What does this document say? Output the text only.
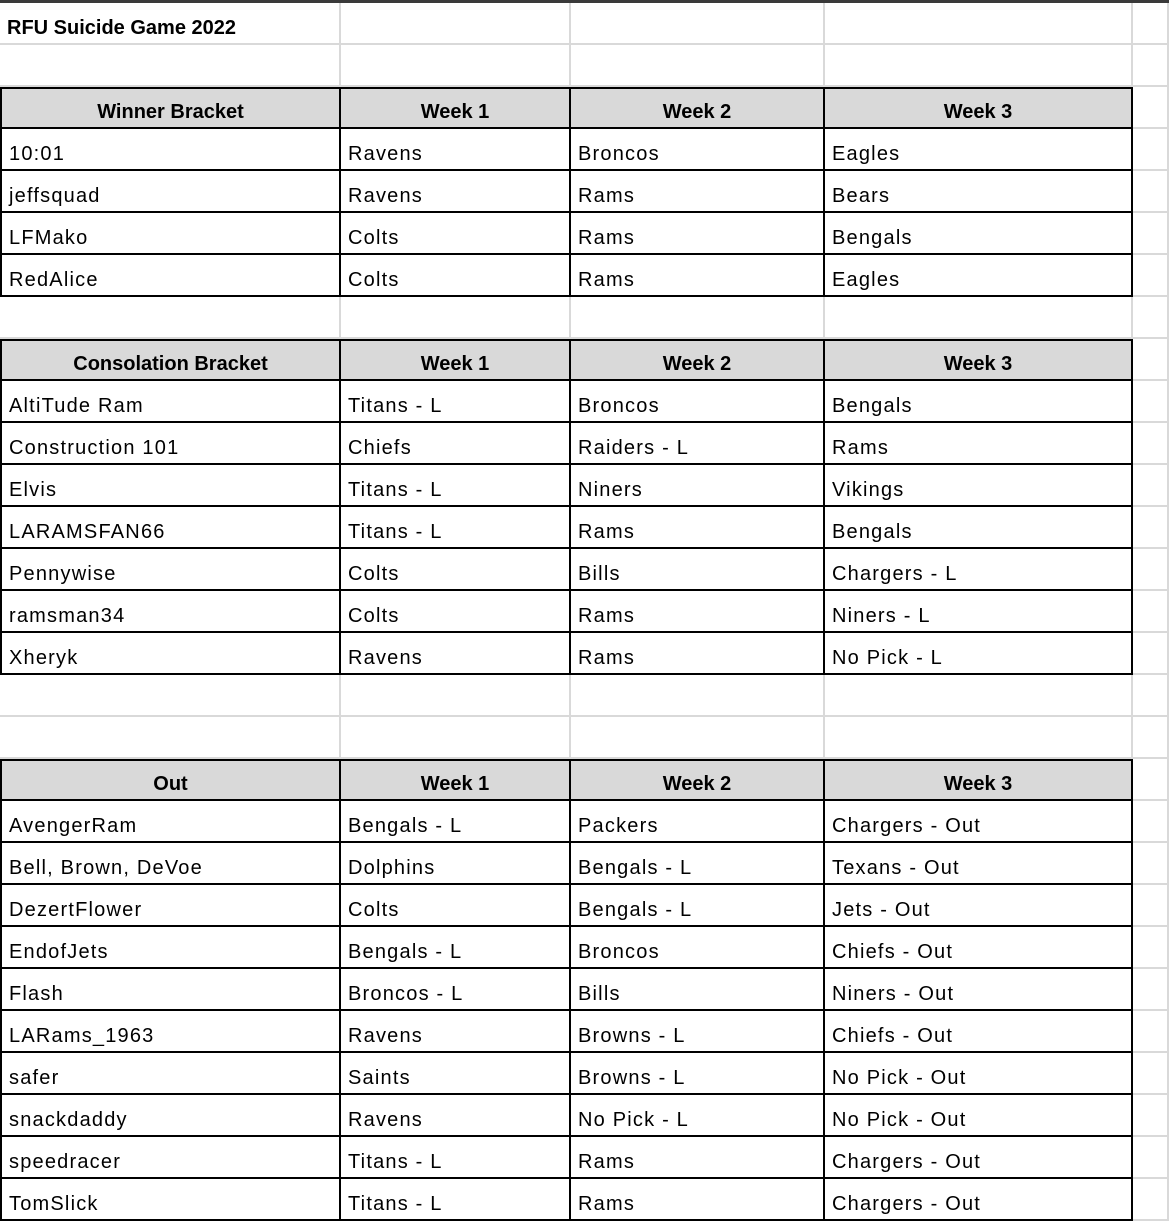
RFU Suicide Game 2022
Winner Bracket	Week 1	Week 2	Week 3
10:01	Ravens	Broncos	Eagles
jeffsquad	Ravens	Rams	Bears
LFMako	Colts	Rams	Bengals
RedAlice	Colts	Rams	Eagles
Consolation Bracket	Week 1	Week 2	Week 3
AltiTude Ram	Titans - L	Broncos	Bengals
Construction 101	Chiefs	Raiders - L	Rams
Elvis	Titans - L	Niners	Vikings
LARAMSFAN66	Titans - L	Rams	Bengals
Pennywise	Colts	Bills	Chargers - L
ramsman34	Colts	Rams	Niners - L
Xheryk	Ravens	Rams	No Pick - L
Out	Week 1	Week 2	Week 3
AvengerRam	Bengals - L	Packers	Chargers - Out
Bell, Brown, DeVoe	Dolphins	Bengals - L	Texans - Out
DezertFlower	Colts	Bengals - L	Jets - Out
EndofJets	Bengals - L	Broncos	Chiefs - Out
Flash	Broncos - L	Bills	Niners - Out
LARams_1963	Ravens	Browns - L	Chiefs - Out
safer	Saints	Browns - L	No Pick - Out
snackdaddy	Ravens	No Pick - L	No Pick - Out
speedracer	Titans - L	Rams	Chargers - Out
TomSlick	Titans - L	Rams	Chargers - Out
